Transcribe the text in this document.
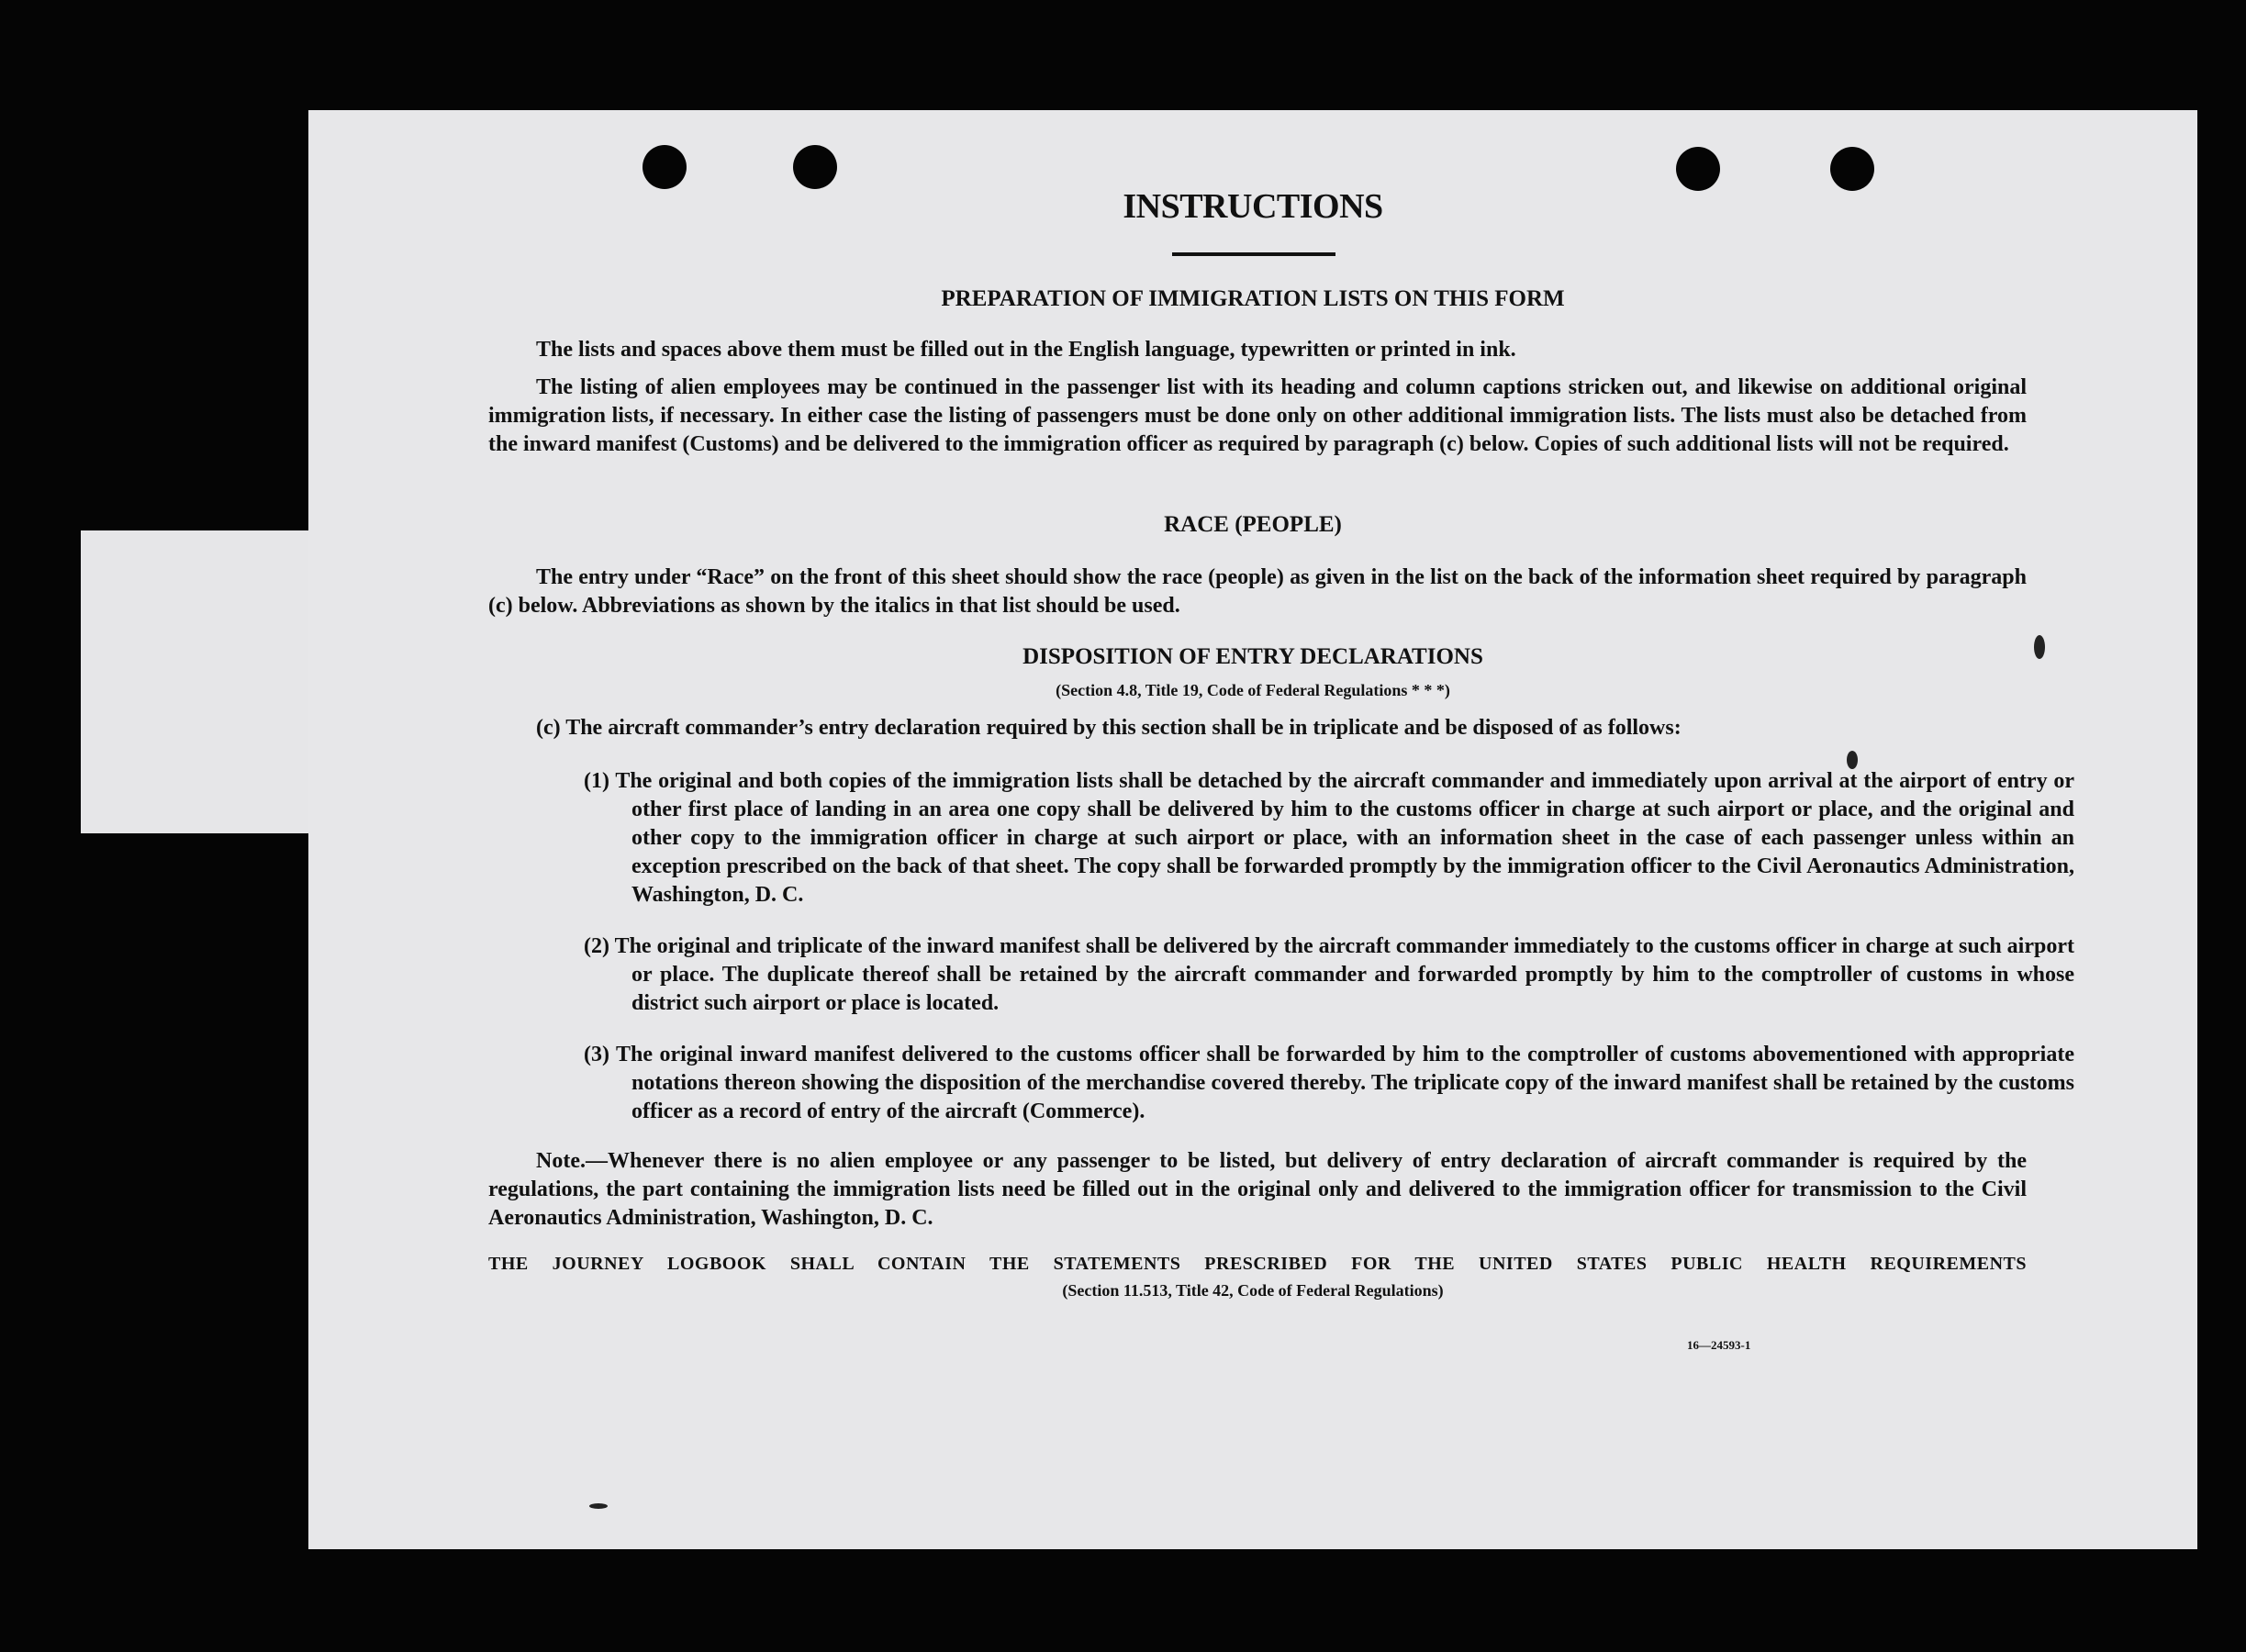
INSTRUCTIONS
PREPARATION OF IMMIGRATION LISTS ON THIS FORM
The lists and spaces above them must be filled out in the English language, typewritten or printed in ink.
The listing of alien employees may be continued in the passenger list with its heading and column captions stricken out, and likewise on additional original immigration lists, if necessary. In either case the listing of passengers must be done only on other additional immigration lists. The lists must also be detached from the inward manifest (Customs) and be delivered to the immigration officer as required by paragraph (c) below. Copies of such additional lists will not be required.
RACE (PEOPLE)
The entry under “Race” on the front of this sheet should show the race (people) as given in the list on the back of the information sheet required by paragraph (c) below. Abbreviations as shown by the italics in that list should be used.
DISPOSITION OF ENTRY DECLARATIONS
(Section 4.8, Title 19, Code of Federal Regulations * * *)
(c) The aircraft commander’s entry declaration required by this section shall be in triplicate and be disposed of as follows:
(1) The original and both copies of the immigration lists shall be detached by the aircraft commander and immediately upon arrival at the airport of entry or other first place of landing in an area one copy shall be delivered by him to the customs officer in charge at such airport or place, and the original and other copy to the immigration officer in charge at such airport or place, with an information sheet in the case of each passenger unless within an exception prescribed on the back of that sheet. The copy shall be forwarded promptly by the immigration officer to the Civil Aeronautics Administration, Washington, D. C.
(2) The original and triplicate of the inward manifest shall be delivered by the aircraft commander immediately to the customs officer in charge at such airport or place. The duplicate thereof shall be retained by the aircraft commander and forwarded promptly by him to the comptroller of customs in whose district such airport or place is located.
(3) The original inward manifest delivered to the customs officer shall be forwarded by him to the comptroller of customs abovementioned with appropriate notations thereon showing the disposition of the merchandise covered thereby. The triplicate copy of the inward manifest shall be retained by the customs officer as a record of entry of the aircraft (Commerce).
Note.—Whenever there is no alien employee or any passenger to be listed, but delivery of entry declaration of aircraft commander is required by the regulations, the part containing the immigration lists need be filled out in the original only and delivered to the immigration officer for transmission to the Civil Aeronautics Administration, Washington, D. C.
THE JOURNEY LOGBOOK SHALL CONTAIN THE STATEMENTS PRESCRIBED FOR THE UNITED STATES PUBLIC HEALTH REQUIREMENTS
(Section 11.513, Title 42, Code of Federal Regulations)
16—24593-1
